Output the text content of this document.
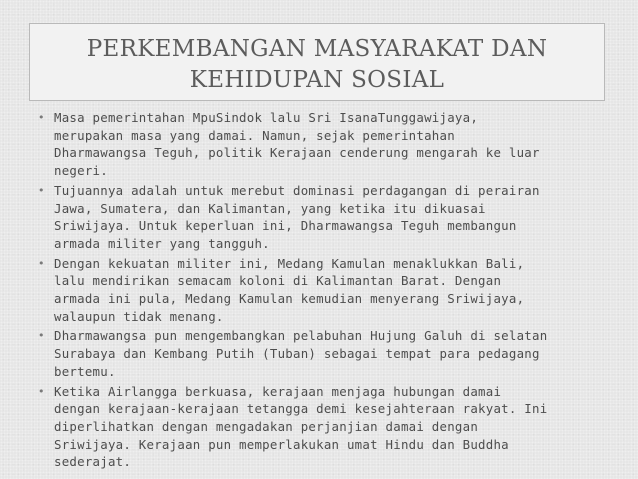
PERKEMBANGAN MASYARAKAT DAN
KEHIDUPAN SOSIAL
• Masa pemerintahan MpuSindok lalu Sri IsanaTunggawijaya,
merupakan masa yang damai. Namun, sejak pemerintahan
Dharmawangsa Teguh, politik Kerajaan cenderung mengarah ke luar
negeri.
• Tujuannya adalah untuk merebut dominasi perdagangan di perairan
Jawa, Sumatera, dan Kalimantan, yang ketika itu dikuasai
Sriwijaya. Untuk keperluan ini, Dharmawangsa Teguh membangun
armada militer yang tangguh.
• Dengan kekuatan militer ini, Medang Kamulan menaklukkan Bali,
lalu mendirikan semacam koloni di Kalimantan Barat. Dengan
armada ini pula, Medang Kamulan kemudian menyerang Sriwijaya,
walaupun tidak menang.
• Dharmawangsa pun mengembangkan pelabuhan Hujung Galuh di selatan
Surabaya dan Kembang Putih (Tuban) sebagai tempat para pedagang
bertemu.
• Ketika Airlangga berkuasa, kerajaan menjaga hubungan damai
dengan kerajaan-kerajaan tetangga demi kesejahteraan rakyat. Ini
diperlihatkan dengan mengadakan perjanjian damai dengan
Sriwijaya. Kerajaan pun memperlakukan umat Hindu dan Buddha
sederajat.
